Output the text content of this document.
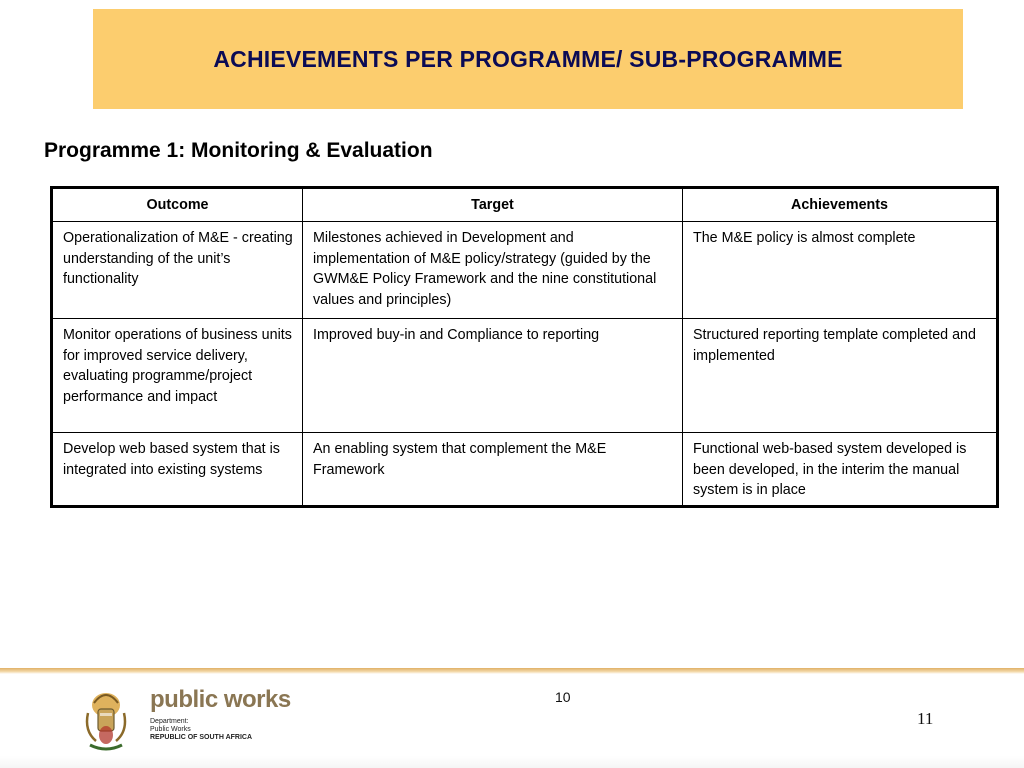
ACHIEVEMENTS PER PROGRAMME/ SUB-PROGRAMME
Programme 1: Monitoring & Evaluation
Outcome	Target	Achievements
Operationalization of M&E - creating understanding of the unit’s functionality	Milestones achieved in Development and implementation of M&E policy/strategy (guided by the GWM&E Policy Framework and the nine constitutional values and principles)	The M&E policy is almost complete
Monitor operations of business units for improved service delivery, evaluating programme/project performance and impact	Improved buy-in and Compliance to reporting	Structured reporting template completed and implemented
Develop web based system that is integrated into existing systems	An enabling system that complement the M&E Framework	Functional web-based system developed is been developed, in the interim the manual system is in place
public works
Department:
Public Works
REPUBLIC OF SOUTH AFRICA
10
11
